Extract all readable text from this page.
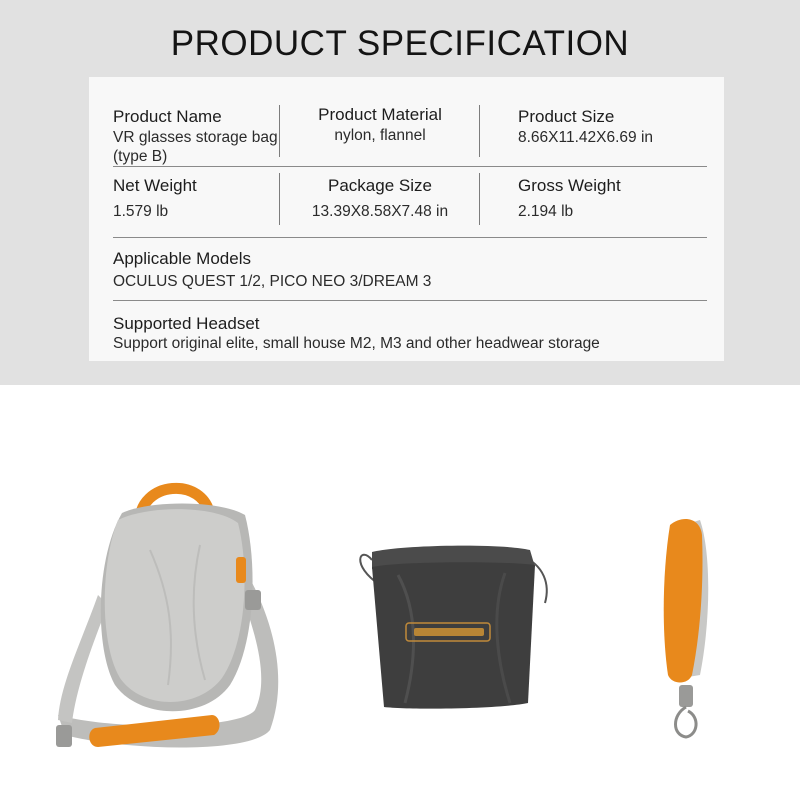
PRODUCT SPECIFICATION
Product Name
VR glasses storage bag (type B)
Product Material
nylon, flannel
Product Size
8.66X11.42X6.69 in
Net Weight
1.579 lb
Package Size
13.39X8.58X7.48 in
Gross Weight
2.194 lb
Applicable Models
OCULUS QUEST 1/2, PICO NEO 3/DREAM 3
Supported Headset
Support original elite, small house M2, M3 and other headwear storage
